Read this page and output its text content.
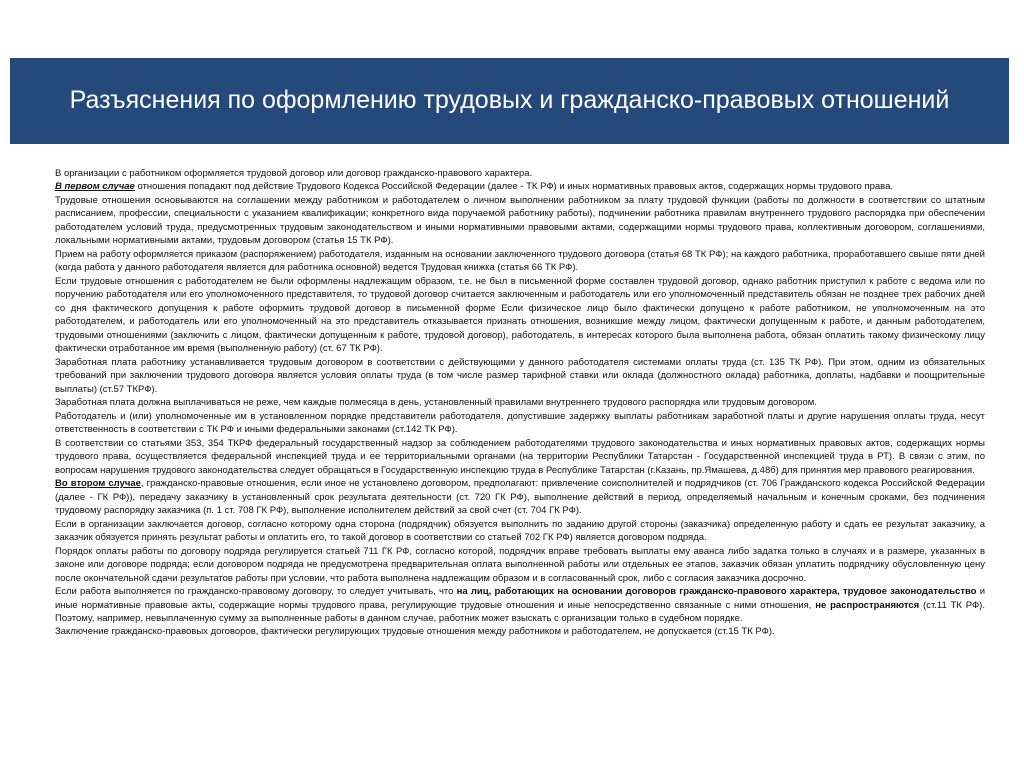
Разъяснения по оформлению трудовых и гражданско-правовых отношений

В организации с работником оформляется трудовой договор или договор гражданско-правового характера.

В первом случае отношения попадают под действие Трудового Кодекса Российской Федерации (далее - ТК РФ) и иных нормативных правовых актов, содержащих нормы трудового права.

Трудовые отношения основываются на соглашении между работником и работодателем о личном выполнении работником за плату трудовой функции (работы по должности в соответствии со штатным расписанием, профессии, специальности с указанием квалификации; конкретного вида поручаемой работнику работы), подчинении работника правилам внутреннего трудового распорядка при обеспечении работодателем условий труда, предусмотренных трудовым законодательством и иными нормативными правовыми актами, содержащими нормы трудового права, коллективным договором, соглашениями, локальными нормативными актами, трудовым договором (статья 15 ТК РФ).

Прием на работу оформляется приказом (распоряжением) работодателя, изданным на основании заключенного трудового договора (статья 68 ТК РФ); на каждого работника, проработавшего свыше пяти дней (когда работа у данного работодателя является для работника основной) ведется Трудовая книжка (статья 66 ТК РФ).

Если трудовые отношения с работодателем не были оформлены надлежащим образом, т.е. не был в письменной форме составлен трудовой договор, однако работник приступил к работе с ведома или по поручению работодателя или его уполномоченного представителя, то трудовой договор считается заключенным и работодатель или его уполномоченный представитель обязан не позднее трех рабочих дней со дня фактического допущения к работе оформить трудовой договор в письменной форме Если физическое лицо было фактически допущено к работе работником, не уполномоченным на это работодателем, и работодатель или его уполномоченный на это представитель отказывается признать отношения, возникшие между лицом, фактически допущенным к работе, и данным работодателем, трудовыми отношениями (заключить с лицом, фактически допущенным к работе, трудовой договор), работодатель, в интересах которого была выполнена работа, обязан оплатить такому физическому лицу фактически отработанное им время (выполненную работу) (ст. 67 ТК РФ).

Заработная плата работнику устанавливается трудовым договором в соответствии с действующими у данного работодателя системами оплаты труда (ст. 135 ТК РФ). При этом, одним из обязательных требований при заключении трудового договора является условия оплаты труда (в том числе размер тарифной ставки или оклада (должностного оклада) работника, доплаты, надбавки и поощрительные выплаты) (ст.57 ТКРФ).

Заработная плата должна выплачиваться не реже, чем каждые полмесяца в день, установленный правилами внутреннего трудового распорядка или трудовым договором.

Работодатель и (или) уполномоченные им в установленном порядке представители работодателя, допустившие задержку выплаты работникам заработной платы и другие нарушения оплаты труда, несут ответственность в соответствии с ТК РФ и иными федеральными законами (ст.142 ТК РФ).

В соответствии со статьями 353, 354 ТКРФ федеральный государственный надзор за соблюдением работодателями трудового законодательства и иных нормативных правовых актов, содержащих нормы трудового права, осуществляется федеральной инспекцией труда и ее территориальными органами (на территории Республики Татарстан - Государственной инспекцией труда в РТ). В связи с этим, по вопросам нарушения трудового законодательства следует обращаться в Государственную инспекцию труда в Республике Татарстан (г.Казань, пр.Ямашева, д.48б) для принятия мер правового реагирования.

Во втором случае, гражданско-правовые отношения, если иное не установлено договором, предполагают: привлечение соисполнителей и подрядчиков (ст. 706 Гражданского кодекса Российской Федерации (далее - ГК РФ)), передачу заказчику в установленный срок результата деятельности (ст. 720 ГК РФ), выполнение действий в период, определяемый начальным и конечным сроками, без подчинения трудовому распорядку заказчика (п. 1 ст. 708 ГК РФ), выполнение исполнителем действий за свой счет (ст. 704 ГК РФ).

Если в организации заключается договор, согласно которому одна сторона (подрядчик) обязуется выполнить по заданию другой стороны (заказчика) определенную работу и сдать ее результат заказчику, а заказчик обязуется принять результат работы и оплатить его, то такой договор в соответствии со статьей 702 ГК РФ) является договором подряда.

Порядок оплаты работы по договору подряда регулируется статьей 711 ГК РФ, согласно которой, подрядчик вправе требовать выплаты ему аванса либо задатка только в случаях и в размере, указанных в законе или договоре подряда; если договором подряда не предусмотрена предварительная оплата выполненной работы или отдельных ее этапов, заказчик обязан уплатить подрядчику обусловленную цену после окончательной сдачи результатов работы при условии, что работа выполнена надлежащим образом и в согласованный срок, либо с согласия заказчика досрочно.

Если работа выполняется по гражданско-правовому договору, то следует учитывать, что на лиц, работающих на основании договоров гражданско-правового характера, трудовое законодательство и иные нормативные правовые акты, содержащие нормы трудового права, регулирующие трудовые отношения и иные непосредственно связанные с ними отношения, не распространяются (ст.11 ТК РФ). Поэтому, например, невыплаченную сумму за выполненные работы в данном случае, работник может взыскать с организации только в судебном порядке.

Заключение гражданско-правовых договоров, фактически регулирующих трудовые отношения между работником и работодателем, не допускается (ст.15 ТК РФ).
